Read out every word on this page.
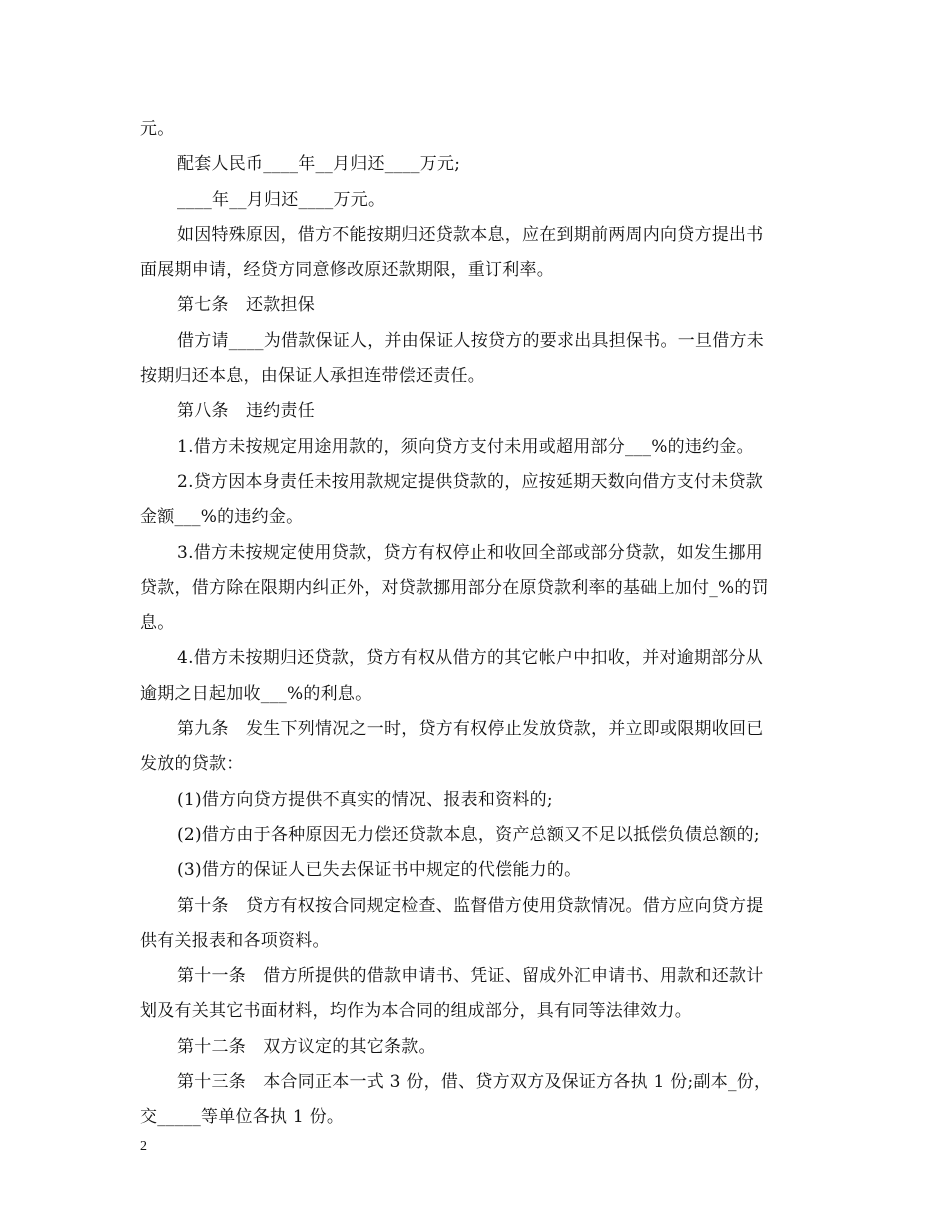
元。
配套人民币____年__月归还____万元;
____年__月归还____万元。
如因特殊原因，借方不能按期归还贷款本息，应在到期前两周内向贷方提出书
面展期申请，经贷方同意修改原还款期限，重订利率。
第七条　还款担保
借方请____为借款保证人，并由保证人按贷方的要求出具担保书。一旦借方未
按期归还本息，由保证人承担连带偿还责任。
第八条　违约责任
1.借方未按规定用途用款的，须向贷方支付未用或超用部分___%的违约金。
2.贷方因本身责任未按用款规定提供贷款的，应按延期天数向借方支付未贷款
金额___%的违约金。
3.借方未按规定使用贷款，贷方有权停止和收回全部或部分贷款，如发生挪用
贷款，借方除在限期内纠正外，对贷款挪用部分在原贷款利率的基础上加付_%的罚
息。
4.借方未按期归还贷款，贷方有权从借方的其它帐户中扣收，并对逾期部分从
逾期之日起加收___%的利息。
第九条　发生下列情况之一时，贷方有权停止发放贷款，并立即或限期收回已
发放的贷款：
(1)借方向贷方提供不真实的情况、报表和资料的;
(2)借方由于各种原因无力偿还贷款本息，资产总额又不足以抵偿负债总额的;
(3)借方的保证人已失去保证书中规定的代偿能力的。
第十条　贷方有权按合同规定检查、监督借方使用贷款情况。借方应向贷方提
供有关报表和各项资料。
第十一条　借方所提供的借款申请书、凭证、留成外汇申请书、用款和还款计
划及有关其它书面材料，均作为本合同的组成部分，具有同等法律效力。
第十二条　双方议定的其它条款。
第十三条　本合同正本一式 3 份，借、贷方双方及保证方各执 1 份;副本_份，
交_____等单位各执 1 份。
2
